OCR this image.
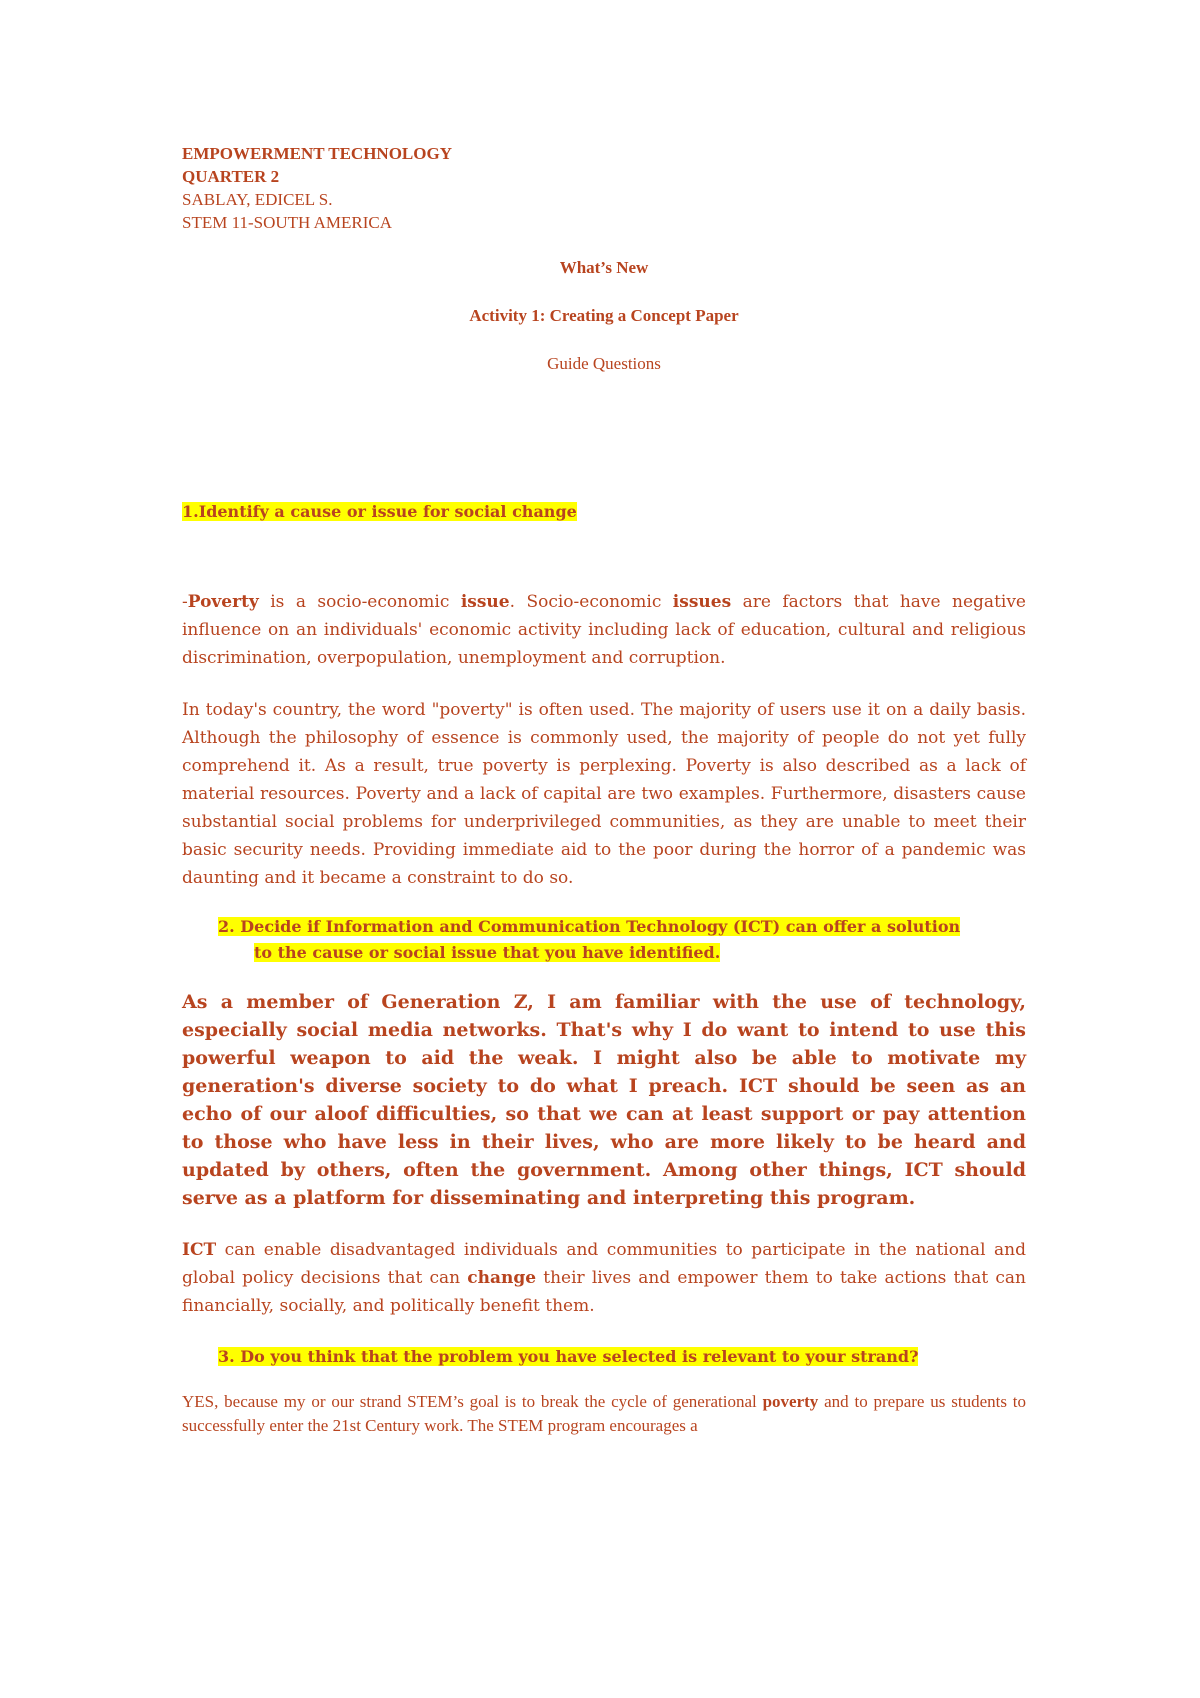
EMPOWERMENT TECHNOLOGY
QUARTER 2
SABLAY, EDICEL S.
STEM 11-SOUTH AMERICA
What’s New
Activity 1: Creating a Concept Paper
Guide Questions
1.Identify a cause or issue for social change

-Poverty is a socio-economic issue. Socio-economic issues are factors that have negative influence on an individuals' economic activity including lack of education, cultural and religious discrimination, overpopulation, unemployment and corruption.

In today's country, the word "poverty" is often used. The majority of users use it on a daily basis. Although the philosophy of essence is commonly used, the majority of people do not yet fully comprehend it. As a result, true poverty is perplexing. Poverty is also described as a lack of material resources. Poverty and a lack of capital are two examples. Furthermore, disasters cause substantial social problems for underprivileged communities, as they are unable to meet their basic security needs. Providing immediate aid to the poor during the horror of a pandemic was daunting and it became a constraint to do so.

2. Decide if Information and Communication Technology (ICT) can offer a solution
to the cause or social issue that you have identified.

As a member of Generation Z, I am familiar with the use of technology, especially social media networks. That's why I do want to intend to use this powerful weapon to aid the weak. I might also be able to motivate my generation's diverse society to do what I preach. ICT should be seen as an echo of our aloof difficulties, so that we can at least support or pay attention to those who have less in their lives, who are more likely to be heard and updated by others, often the government. Among other things, ICT should serve as a platform for disseminating and interpreting this program.

ICT can enable disadvantaged individuals and communities to participate in the national and global policy decisions that can change their lives and empower them to take actions that can financially, socially, and politically benefit them.

3. Do you think that the problem you have selected is relevant to your strand?

YES, because my or our strand STEM’s goal is to break the cycle of generational poverty and to prepare us students to successfully enter the 21st Century work. The STEM program encourages a
